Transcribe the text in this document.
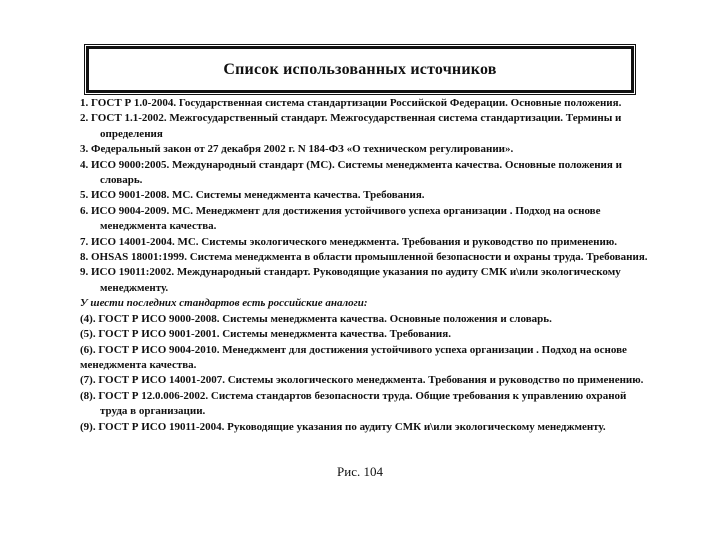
Список использованных источников
1. ГОСТ Р 1.0-2004. Государственная система стандартизации Российской Федерации. Основные положения.
2. ГОСТ 1.1-2002. Межгосударственный стандарт. Межгосударственная система стандартизации. Термины и
определения
3. Федеральный закон от 27 декабря 2002 г. N 184-ФЗ «О техническом регулировании».
4. ИСО 9000:2005. Международный стандарт (МС). Системы менеджмента качества. Основные положения и
словарь.
5. ИСО 9001-2008. МС. Системы менеджмента качества. Требования.
6. ИСО 9004-2009. МС. Менеджмент для достижения устойчивого успеха организации . Подход на основе
менеджмента качества.
7. ИСО 14001-2004. МС. Системы экологического менеджмента. Требования и руководство по применению.
8. OHSAS 18001:1999. Система менеджмента в области промышленной безопасности и охраны труда. Требования.
9. ИСО 19011:2002. Международный стандарт. Руководящие указания по аудиту СМК и\или экологическому
менеджменту.
У шести последних стандартов есть российские аналоги:
(4). ГОСТ Р ИСО 9000-2008. Системы менеджмента качества. Основные положения и словарь.
(5). ГОСТ Р ИСО 9001-2001. Системы менеджмента качества. Требования.
(6). ГОСТ Р ИСО 9004-2010. Менеджмент для достижения устойчивого успеха организации . Подход на основе
менеджмента качества.
(7). ГОСТ Р ИСО 14001-2007. Системы экологического менеджмента. Требования и руководство по применению.
(8). ГОСТ Р 12.0.006-2002. Система стандартов безопасности труда. Общие требования к управлению охраной
труда в организации.
(9). ГОСТ Р ИСО 19011-2004. Руководящие указания по аудиту СМК и\или экологическому менеджменту.
Рис. 104
